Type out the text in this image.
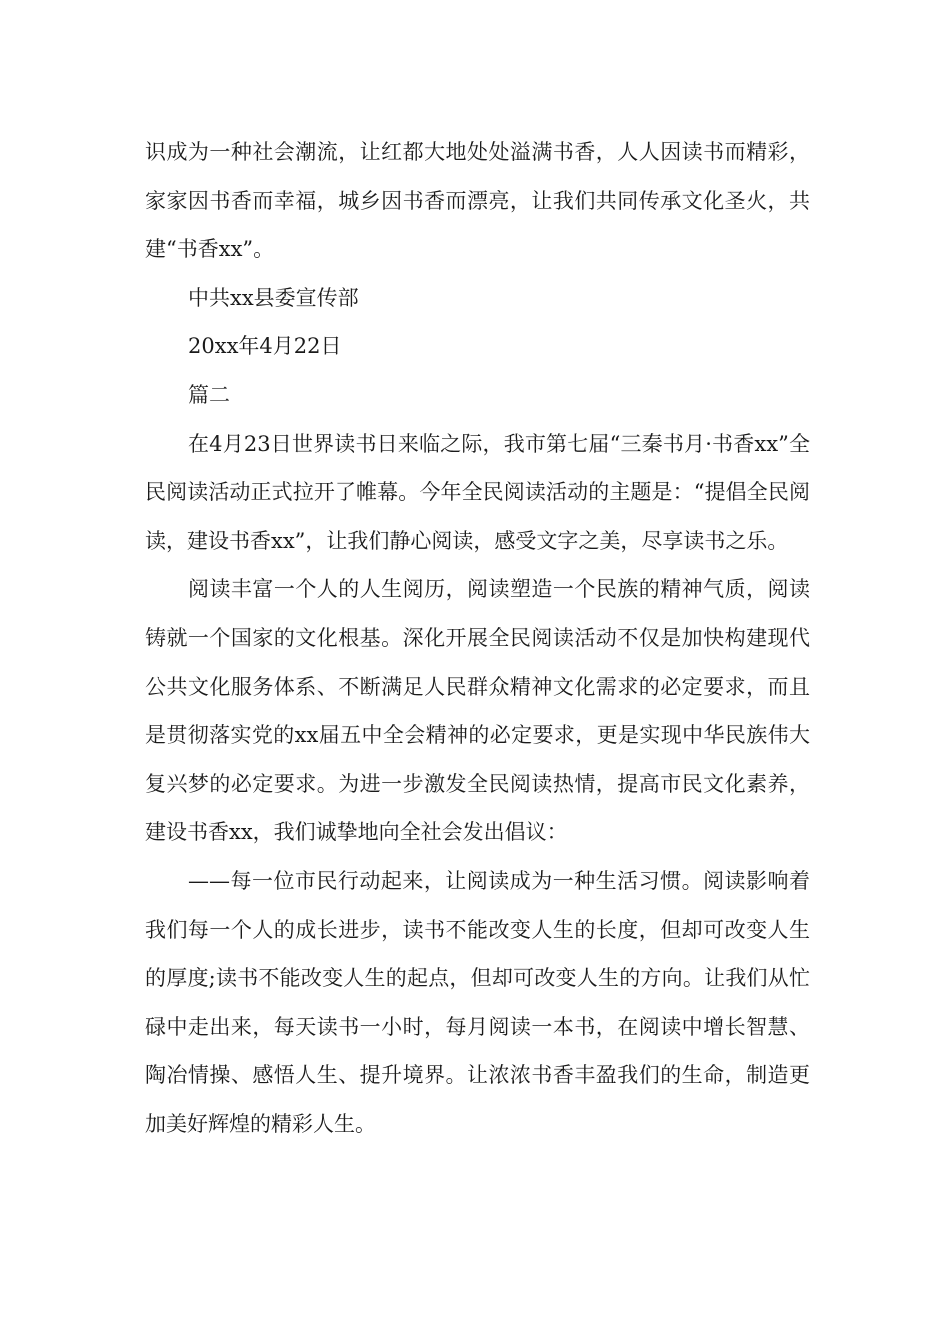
识成为一种社会潮流，让红都大地处处溢满书香，人人因读书而精彩，家家因书香而幸福，城乡因书香而漂亮，让我们共同传承文化圣火，共建“书香xx”。

中共xx县委宣传部

20xx年4月22日

篇二

在4月23日世界读书日来临之际，我市第七届“三秦书月·书香xx”全民阅读活动正式拉开了帷幕。今年全民阅读活动的主题是：“提倡全民阅读，建设书香xx”，让我们静心阅读，感受文字之美，尽享读书之乐。

阅读丰富一个人的人生阅历，阅读塑造一个民族的精神气质，阅读铸就一个国家的文化根基。深化开展全民阅读活动不仅是加快构建现代公共文化服务体系、不断满足人民群众精神文化需求的必定要求，而且是贯彻落实党的xx届五中全会精神的必定要求，更是实现中华民族伟大复兴梦的必定要求。为进一步激发全民阅读热情，提高市民文化素养，建设书香xx，我们诚挚地向全社会发出倡议：

——每一位市民行动起来，让阅读成为一种生活习惯。阅读影响着我们每一个人的成长进步，读书不能改变人生的长度，但却可改变人生的厚度;读书不能改变人生的起点，但却可改变人生的方向。让我们从忙碌中走出来，每天读书一小时，每月阅读一本书，在阅读中增长智慧、陶冶情操、感悟人生、提升境界。让浓浓书香丰盈我们的生命，制造更加美好辉煌的精彩人生。
